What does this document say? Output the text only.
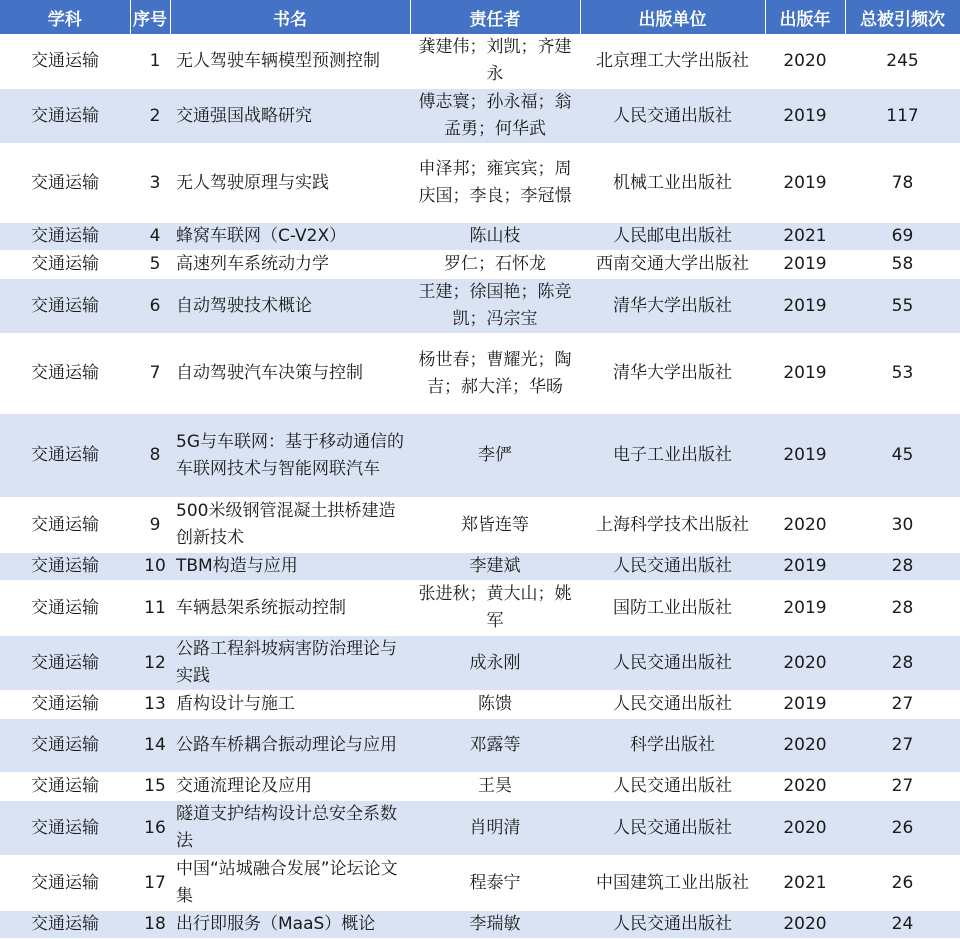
学科	序号	书名	责任者	出版单位	出版年	总被引频次
交通运输	1	无人驾驶车辆模型预测控制	龚建伟；刘凯；齐建永	北京理工大学出版社	2020	245
交通运输	2	交通强国战略研究	傅志寰；孙永福；翁孟勇；何华武	人民交通出版社	2019	117
交通运输	3	无人驾驶原理与实践	申泽邦；雍宾宾；周庆国；李良；李冠憬	机械工业出版社	2019	78
交通运输	4	蜂窝车联网（C-V2X）	陈山枝	人民邮电出版社	2021	69
交通运输	5	高速列车系统动力学	罗仁；石怀龙	西南交通大学出版社	2019	58
交通运输	6	自动驾驶技术概论	王建；徐国艳；陈竞凯；冯宗宝	清华大学出版社	2019	55
交通运输	7	自动驾驶汽车决策与控制	杨世春；曹耀光；陶吉；郝大洋；华旸	清华大学出版社	2019	53
交通运输	8	5G与车联网：基于移动通信的车联网技术与智能网联汽车	李俨	电子工业出版社	2019	45
交通运输	9	500米级钢管混凝土拱桥建造创新技术	郑皆连等	上海科学技术出版社	2020	30
交通运输	10	TBM构造与应用	李建斌	人民交通出版社	2019	28
交通运输	11	车辆悬架系统振动控制	张进秋；黄大山；姚军	国防工业出版社	2019	28
交通运输	12	公路工程斜坡病害防治理论与实践	成永刚	人民交通出版社	2020	28
交通运输	13	盾构设计与施工	陈馈	人民交通出版社	2019	27
交通运输	14	公路车桥耦合振动理论与应用	邓露等	科学出版社	2020	27
交通运输	15	交通流理论及应用	王昊	人民交通出版社	2020	27
交通运输	16	隧道支护结构设计总安全系数法	肖明清	人民交通出版社	2020	26
交通运输	17	中国“站城融合发展”论坛论文集	程泰宁	中国建筑工业出版社	2021	26
交通运输	18	出行即服务（MaaS）概论	李瑞敏	人民交通出版社	2020	24
